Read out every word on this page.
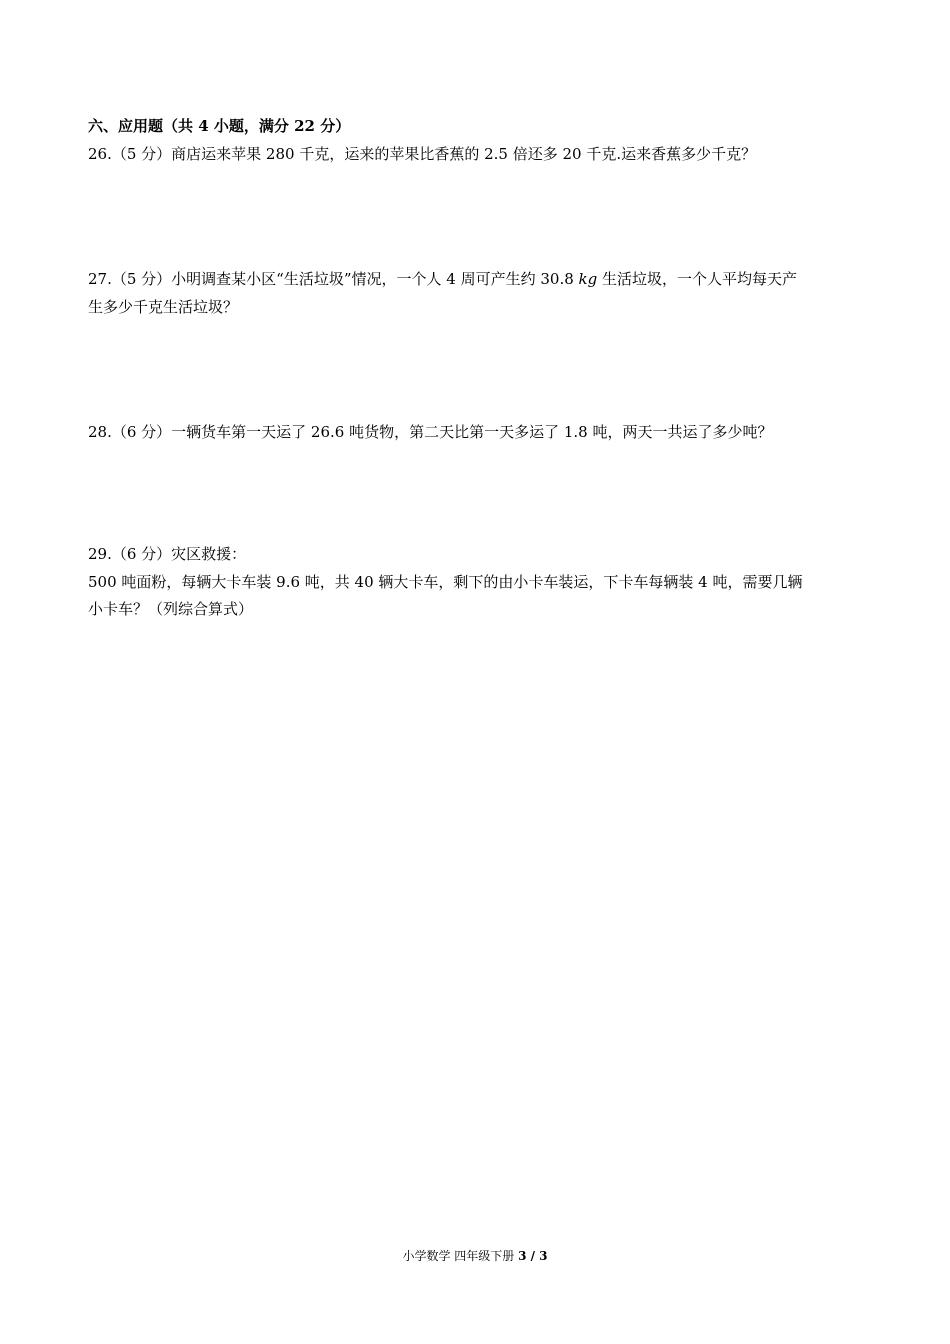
六、应用题（共 4 小题，满分 22 分）
26.（5 分）商店运来苹果 280 千克，运来的苹果比香蕉的 2.5 倍还多 20 千克.运来香蕉多少千克？
27.（5 分）小明调查某小区“生活垃圾”情况，一个人 4 周可产生约 30.8 kg 生活垃圾，一个人平均每天产
生多少千克生活垃圾？
28.（6 分）一辆货车第一天运了 26.6 吨货物，第二天比第一天多运了 1.8 吨，两天一共运了多少吨？
29.（6 分）灾区救援：
500 吨面粉，每辆大卡车装 9.6 吨，共 40 辆大卡车，剩下的由小卡车装运，下卡车每辆装 4 吨，需要几辆
小卡车？（列综合算式）
小学数学 四年级下册 3 / 3
